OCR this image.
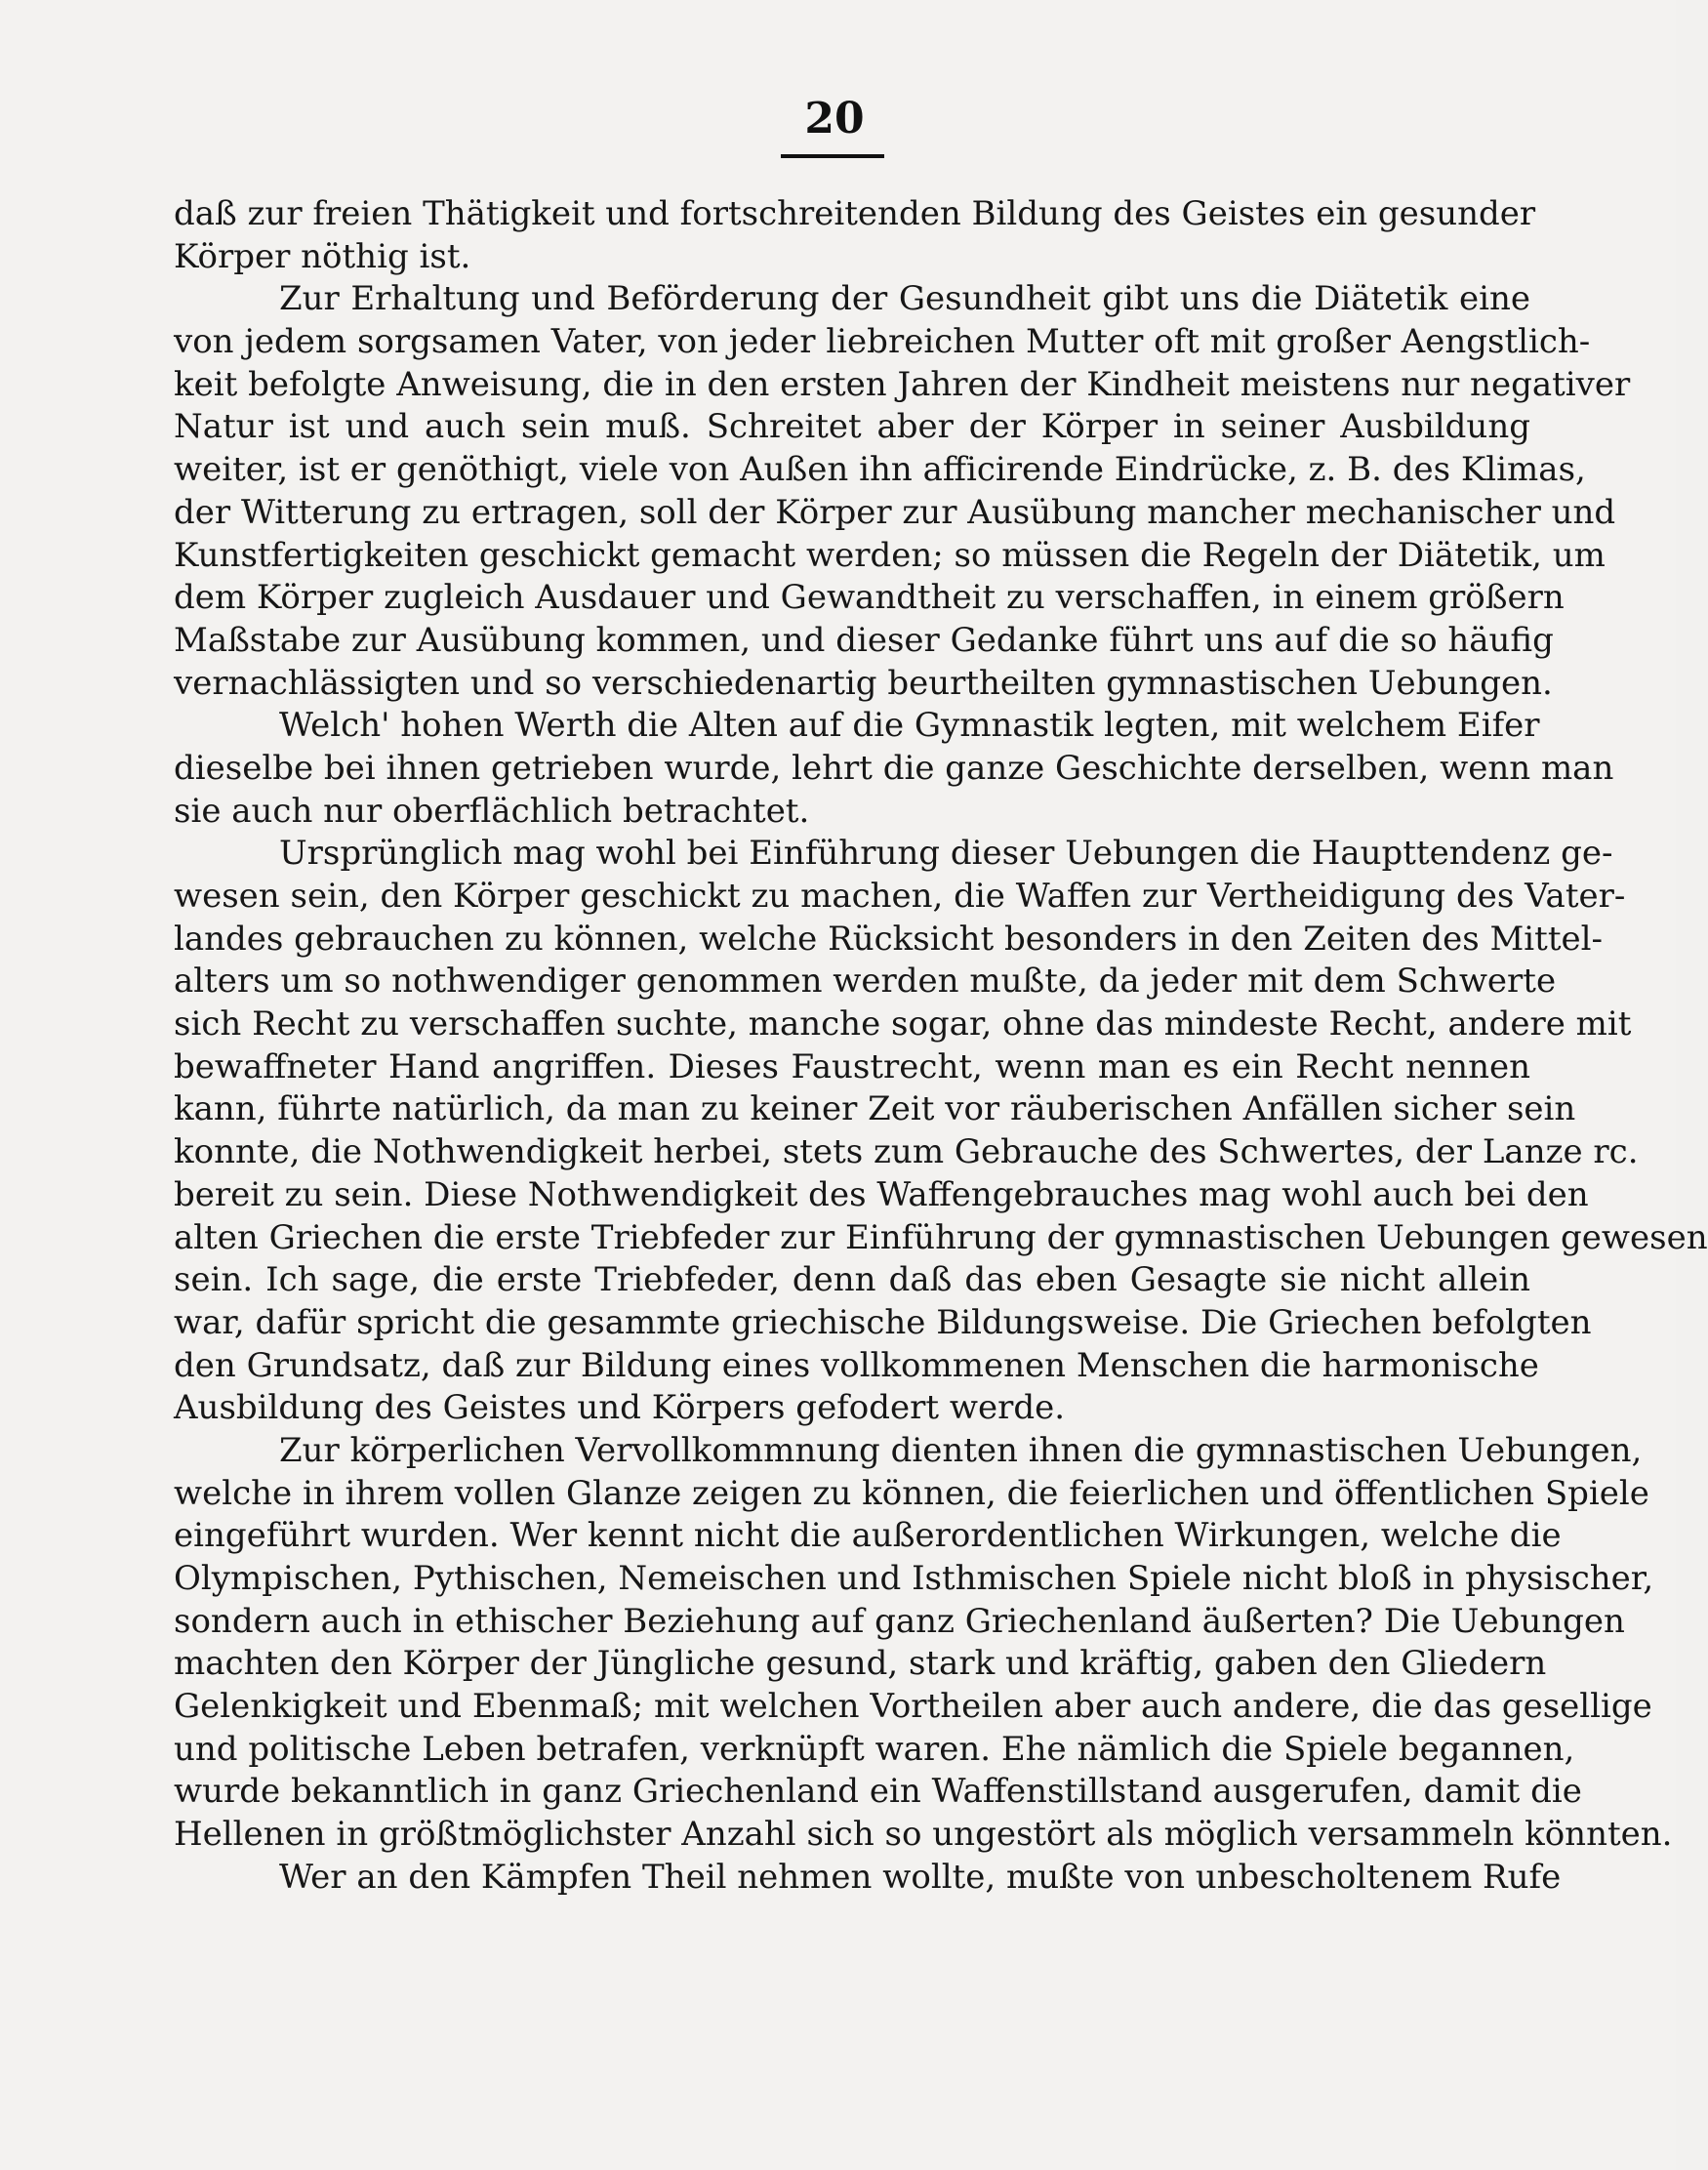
20
daß zur freien Thätigkeit und fortschreitenden Bildung des Geistes ein gesunder
Körper nöthig ist.
Zur Erhaltung und Beförderung der Gesundheit gibt uns die Diätetik eine
von jedem sorgsamen Vater, von jeder liebreichen Mutter oft mit großer Aengstlich-
keit befolgte Anweisung, die in den ersten Jahren der Kindheit meistens nur negativer
Natur ist und auch sein muß. Schreitet aber der Körper in seiner Ausbildung
weiter, ist er genöthigt, viele von Außen ihn afficirende Eindrücke, z. B. des Klimas,
der Witterung zu ertragen, soll der Körper zur Ausübung mancher mechanischer und
Kunstfertigkeiten geschickt gemacht werden; so müssen die Regeln der Diätetik, um
dem Körper zugleich Ausdauer und Gewandtheit zu verschaffen, in einem größern
Maßstabe zur Ausübung kommen, und dieser Gedanke führt uns auf die so häufig
vernachlässigten und so verschiedenartig beurtheilten gymnastischen Uebungen.
Welch' hohen Werth die Alten auf die Gymnastik legten, mit welchem Eifer
dieselbe bei ihnen getrieben wurde, lehrt die ganze Geschichte derselben, wenn man
sie auch nur oberflächlich betrachtet.
Ursprünglich mag wohl bei Einführung dieser Uebungen die Haupttendenz ge-
wesen sein, den Körper geschickt zu machen, die Waffen zur Vertheidigung des Vater-
landes gebrauchen zu können, welche Rücksicht besonders in den Zeiten des Mittel-
alters um so nothwendiger genommen werden mußte, da jeder mit dem Schwerte
sich Recht zu verschaffen suchte, manche sogar, ohne das mindeste Recht, andere mit
bewaffneter Hand angriffen. Dieses Faustrecht, wenn man es ein Recht nennen
kann, führte natürlich, da man zu keiner Zeit vor räuberischen Anfällen sicher sein
konnte, die Nothwendigkeit herbei, stets zum Gebrauche des Schwertes, der Lanze rc.
bereit zu sein. Diese Nothwendigkeit des Waffengebrauches mag wohl auch bei den
alten Griechen die erste Triebfeder zur Einführung der gymnastischen Uebungen gewesen
sein. Ich sage, die erste Triebfeder, denn daß das eben Gesagte sie nicht allein
war, dafür spricht die gesammte griechische Bildungsweise. Die Griechen befolgten
den Grundsatz, daß zur Bildung eines vollkommenen Menschen die harmonische
Ausbildung des Geistes und Körpers gefodert werde.
Zur körperlichen Vervollkommnung dienten ihnen die gymnastischen Uebungen,
welche in ihrem vollen Glanze zeigen zu können, die feierlichen und öffentlichen Spiele
eingeführt wurden. Wer kennt nicht die außerordentlichen Wirkungen, welche die
Olympischen, Pythischen, Nemeischen und Isthmischen Spiele nicht bloß in physischer,
sondern auch in ethischer Beziehung auf ganz Griechenland äußerten? Die Uebungen
machten den Körper der Jüngliche gesund, stark und kräftig, gaben den Gliedern
Gelenkigkeit und Ebenmaß; mit welchen Vortheilen aber auch andere, die das gesellige
und politische Leben betrafen, verknüpft waren. Ehe nämlich die Spiele begannen,
wurde bekanntlich in ganz Griechenland ein Waffenstillstand ausgerufen, damit die
Hellenen in größtmöglichster Anzahl sich so ungestört als möglich versammeln könnten.
Wer an den Kämpfen Theil nehmen wollte, mußte von unbescholtenem Rufe
